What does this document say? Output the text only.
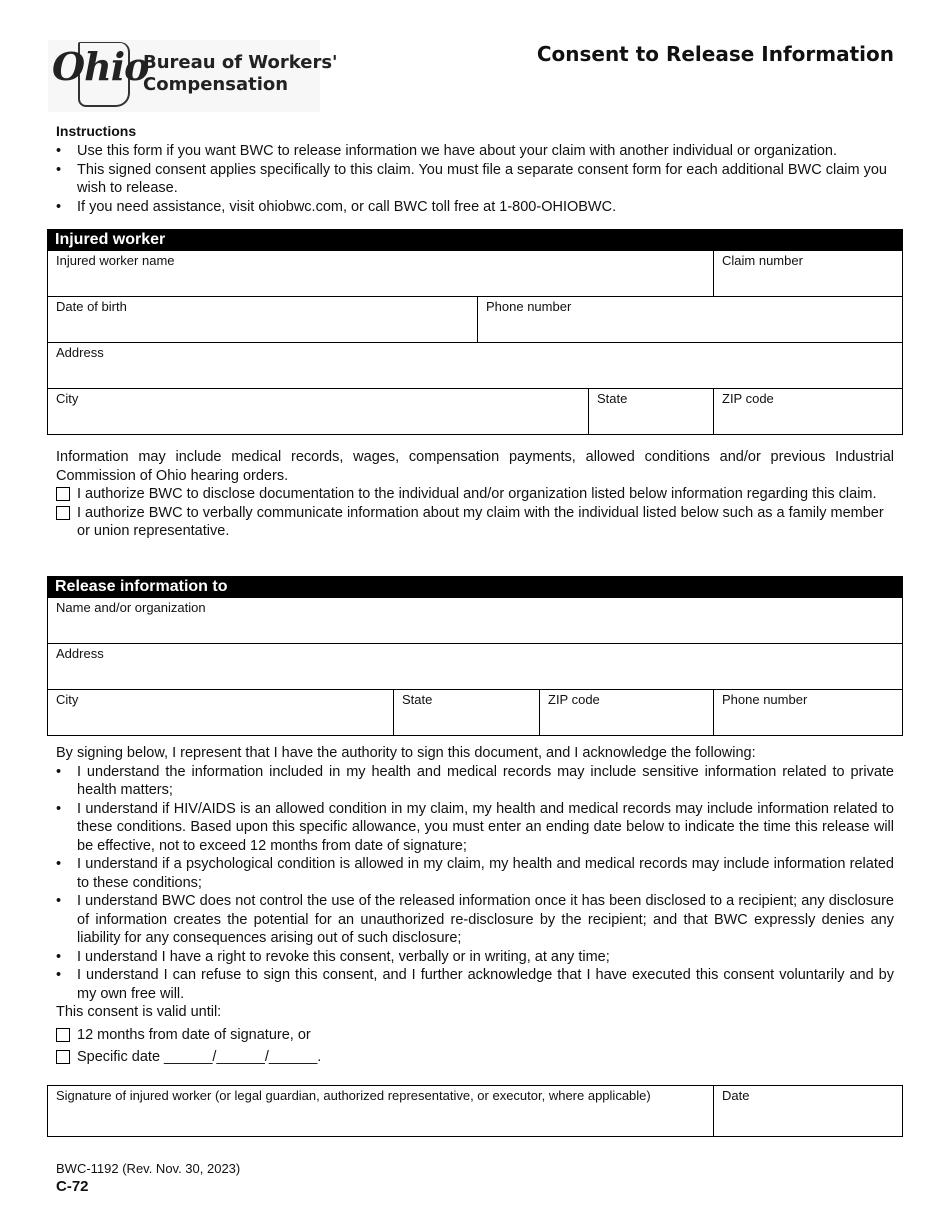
Ohio
Bureau of Workers'
Compensation
Consent to Release Information
Instructions
• Use this form if you want BWC to release information we have about your claim with another individual or organization.
• This signed consent applies specifically to this claim. You must file a separate consent form for each additional BWC claim you wish to release.
• If you need assistance, visit ohiobwc.com, or call BWC toll free at 1-800-OHIOBWC.
Injured worker
Injured worker name	Claim number
Date of birth	Phone number
Address
City	State	ZIP code
Information may include medical records, wages, compensation payments, allowed conditions and/or previous Industrial Commission of Ohio hearing orders.
I authorize BWC to disclose documentation to the individual and/or organization listed below information regarding this claim.
I authorize BWC to verbally communicate information about my claim with the individual listed below such as a family member or union representative.
Release information to
Name and/or organization
Address
City	State	ZIP code	Phone number
By signing below, I represent that I have the authority to sign this document, and I acknowledge the following:
• I understand the information included in my health and medical records may include sensitive information related to private health matters;
• I understand if HIV/AIDS is an allowed condition in my claim, my health and medical records may include information related to these conditions. Based upon this specific allowance, you must enter an ending date below to indicate the time this release will be effective, not to exceed 12 months from date of signature;
• I understand if a psychological condition is allowed in my claim, my health and medical records may include information related to these conditions;
• I understand BWC does not control the use of the released information once it has been disclosed to a recipient; any disclosure of information creates the potential for an unauthorized re-disclosure by the recipient; and that BWC expressly denies any liability for any consequences arising out of such disclosure;
• I understand I have a right to revoke this consent, verbally or in writing, at any time;
• I understand I can refuse to sign this consent, and I further acknowledge that I have executed this consent voluntarily and by my own free will.
This consent is valid until:
12 months from date of signature, or
Specific date ______/______/______.
Signature of injured worker (or legal guardian, authorized representative, or executor, where applicable)	Date
BWC-1192 (Rev. Nov. 30, 2023)
C-72
